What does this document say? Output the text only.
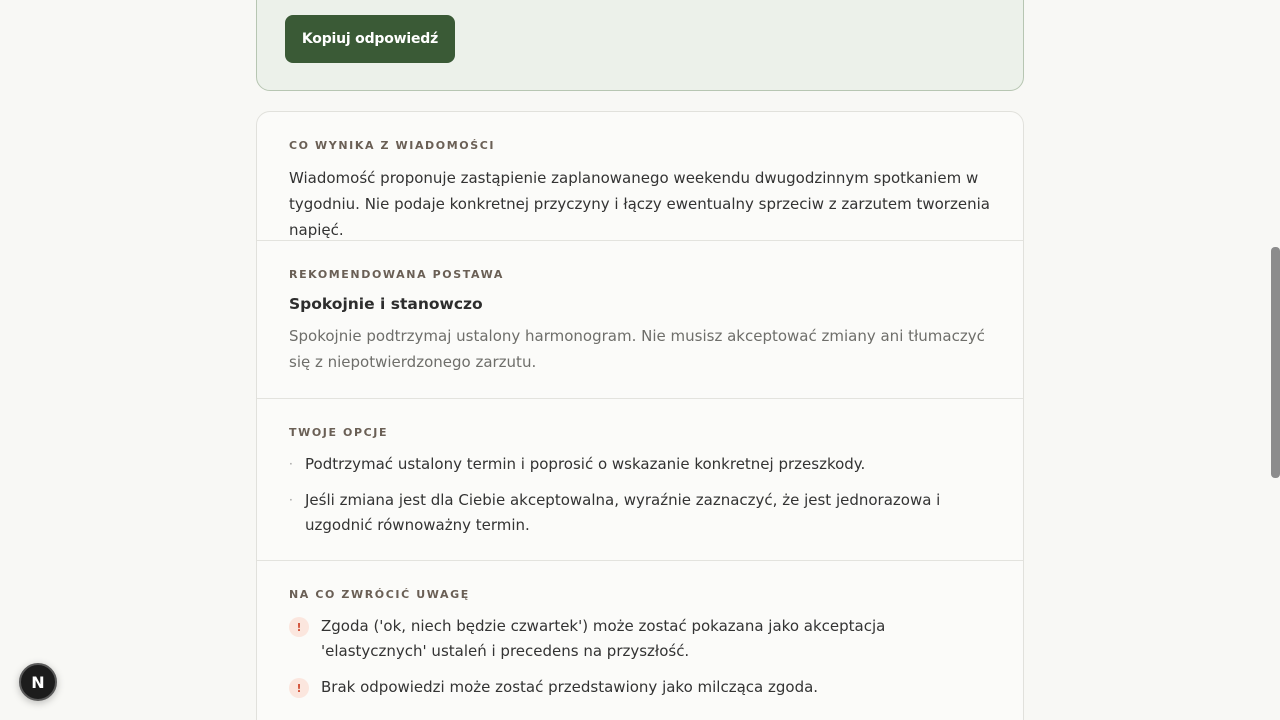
Kopiuj odpowiedź
CO WYNIKA Z WIADOMOŚCI
Wiadomość proponuje zastąpienie zaplanowanego weekendu dwugodzinnym spotkaniem w tygodniu. Nie podaje konkretnej przyczyny i łączy ewentualny sprzeciw z zarzutem tworzenia napięć.
REKOMENDOWANA POSTAWA
Spokojnie i stanowczo
Spokojnie podtrzymaj ustalony harmonogram. Nie musisz akceptować zmiany ani tłumaczyć się z niepotwierdzonego zarzutu.
TWOJE OPCJE
· Podtrzymać ustalony termin i poprosić o wskazanie konkretnej przeszkody.
· Jeśli zmiana jest dla Ciebie akceptowalna, wyraźnie zaznaczyć, że jest jednorazowa i uzgodnić równoważny termin.
NA CO ZWRÓCIĆ UWAGĘ
!	Zgoda ('ok, niech będzie czwartek') może zostać pokazana jako akceptacja 'elastycznych' ustaleń i precedens na przyszłość.
!	Brak odpowiedzi może zostać przedstawiony jako milcząca zgoda.
N
